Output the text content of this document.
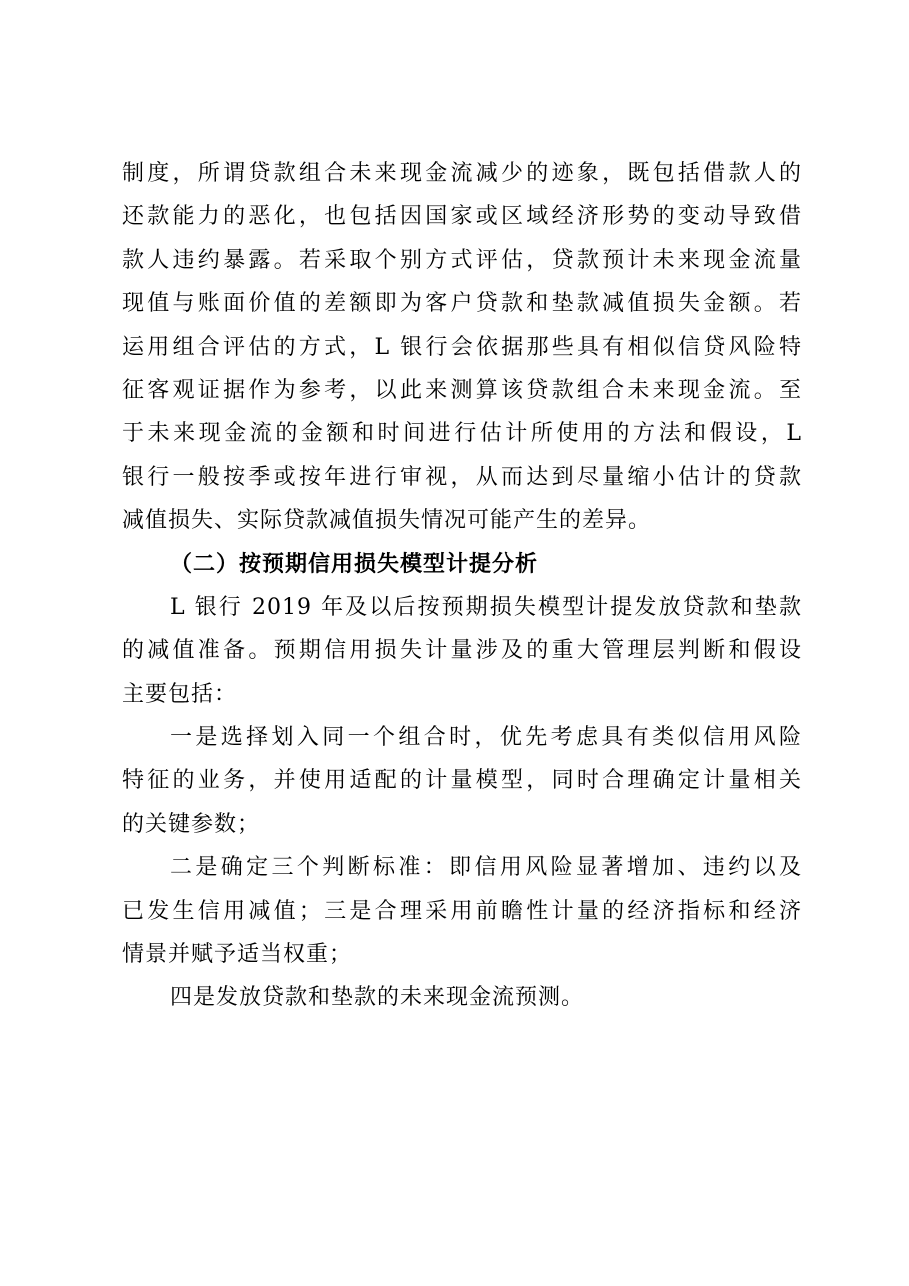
制度，所谓贷款组合未来现金流减少的迹象，既包括借款人的
还款能力的恶化，也包括因国家或区域经济形势的变动导致借
款人违约暴露。若采取个别方式评估，贷款预计未来现金流量
现值与账面价值的差额即为客户贷款和垫款减值损失金额。若
运用组合评估的方式，L 银行会依据那些具有相似信贷风险特
征客观证据作为参考，以此来测算该贷款组合未来现金流。至
于未来现金流的金额和时间进行估计所使用的方法和假设，L
银行一般按季或按年进行审视，从而达到尽量缩小估计的贷款
减值损失、实际贷款减值损失情况可能产生的差异。
（二）按预期信用损失模型计提分析
L 银行 2019 年及以后按预期损失模型计提发放贷款和垫款
的减值准备。预期信用损失计量涉及的重大管理层判断和假设
主要包括：
一是选择划入同一个组合时，优先考虑具有类似信用风险
特征的业务，并使用适配的计量模型，同时合理确定计量相关
的关键参数；
二是确定三个判断标准：即信用风险显著增加、违约以及
已发生信用减值；三是合理采用前瞻性计量的经济指标和经济
情景并赋予适当权重；
四是发放贷款和垫款的未来现金流预测。
